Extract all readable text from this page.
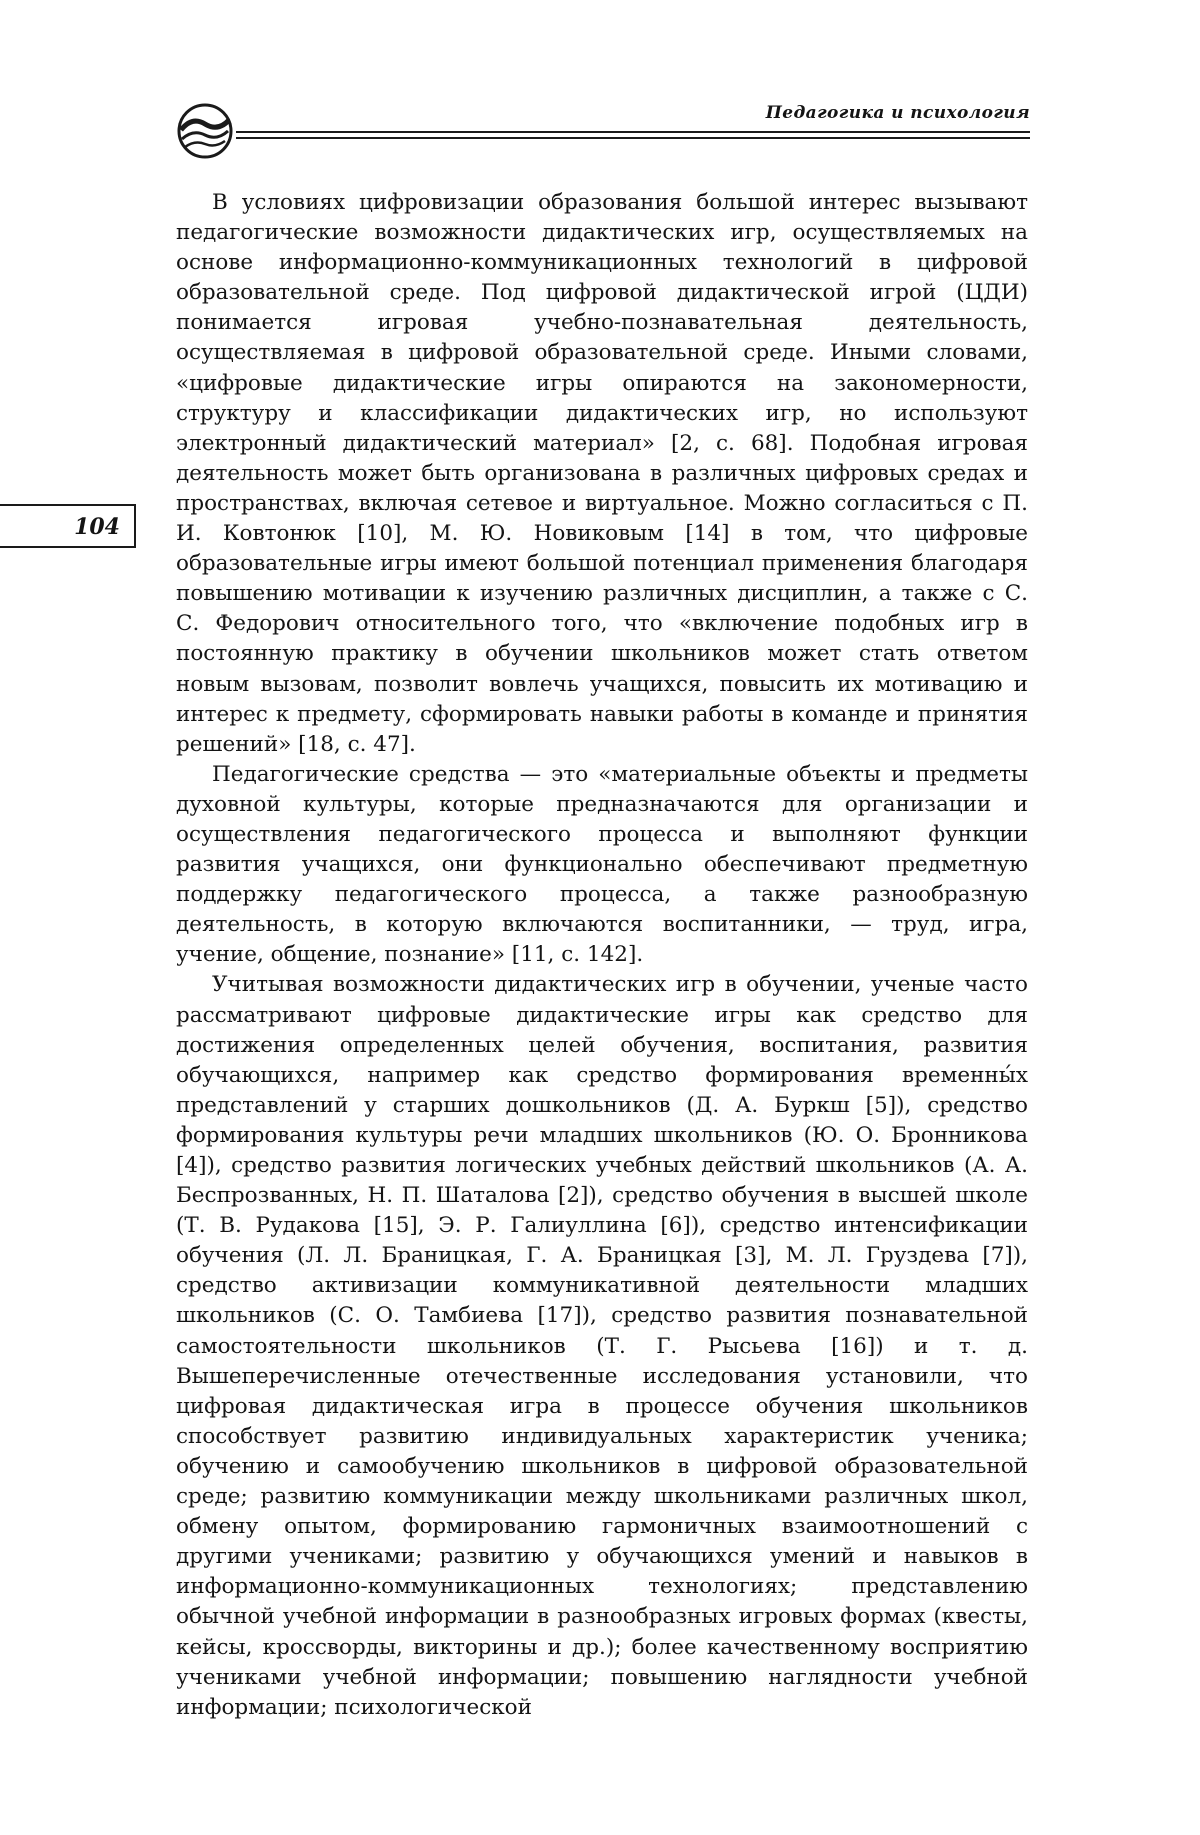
Педагогика и психология
104

В условиях цифровизации образования большой интерес вызывают педагогические возможности дидактических игр, осуществляемых на основе информационно-коммуникационных технологий в цифровой образовательной среде. Под цифровой дидактической игрой (ЦДИ) понимается игровая учебно-познавательная деятельность, осуществляемая в цифровой образовательной среде. Иными словами, «цифровые дидактические игры опираются на закономерности, структуру и классификации дидактических игр, но используют электронный дидактический материал» [2, с. 68]. Подобная игровая деятельность может быть организована в различных цифровых средах и пространствах, включая сетевое и виртуальное. Можно согласиться с П. И. Ковтонюк [10], М. Ю. Новиковым [14] в том, что цифровые образовательные игры имеют большой потенциал применения благодаря повышению мотивации к изучению различных дисциплин, а также с С. С. Федорович относительного того, что «включение подобных игр в постоянную практику в обучении школьников может стать ответом новым вызовам, позволит вовлечь учащихся, повысить их мотивацию и интерес к предмету, сформировать навыки работы в команде и принятия решений» [18, с. 47].

Педагогические средства — это «материальные объекты и предметы духовной культуры, которые предназначаются для организации и осуществления педагогического процесса и выполняют функции развития учащихся, они функционально обеспечивают предметную поддержку педагогического процесса, а также разнообразную деятельность, в которую включаются воспитанники, — труд, игра, учение, общение, познание» [11, с. 142].

Учитывая возможности дидактических игр в обучении, ученые часто рассматривают цифровые дидактические игры как средство для достижения определенных целей обучения, воспитания, развития обучающихся, например как средство формирования временны́х представлений у старших дошкольников (Д. А. Буркш [5]), средство формирования культуры речи младших школьников (Ю. О. Бронникова [4]), средство развития логических учебных действий школьников (А. А. Беспрозванных, Н. П. Шаталова [2]), средство обучения в высшей школе (Т. В. Рудакова [15], Э. Р. Галиуллина [6]), средство интенсификации обучения (Л. Л. Браницкая, Г. А. Браницкая [3], М. Л. Груздева [7]), средство активизации коммуникативной деятельности младших школьников (С. О. Тамбиева [17]), средство развития познавательной самостоятельности школьников (Т. Г. Рысьева [16]) и т. д. Вышеперечисленные отечественные исследования установили, что цифровая дидактическая игра в процессе обучения школьников способствует развитию индивидуальных характеристик ученика; обучению и самообучению школьников в цифровой образовательной среде; развитию коммуникации между школьниками различных школ, обмену опытом, формированию гармоничных взаимоотношений с другими учениками; развитию у обучающихся умений и навыков в информационно-коммуникационных технологиях; представлению обычной учебной информации в разнообразных игровых формах (квесты, кейсы, кроссворды, викторины и др.); более качественному восприятию учениками учебной информации; повышению наглядности учебной информации; психологической
